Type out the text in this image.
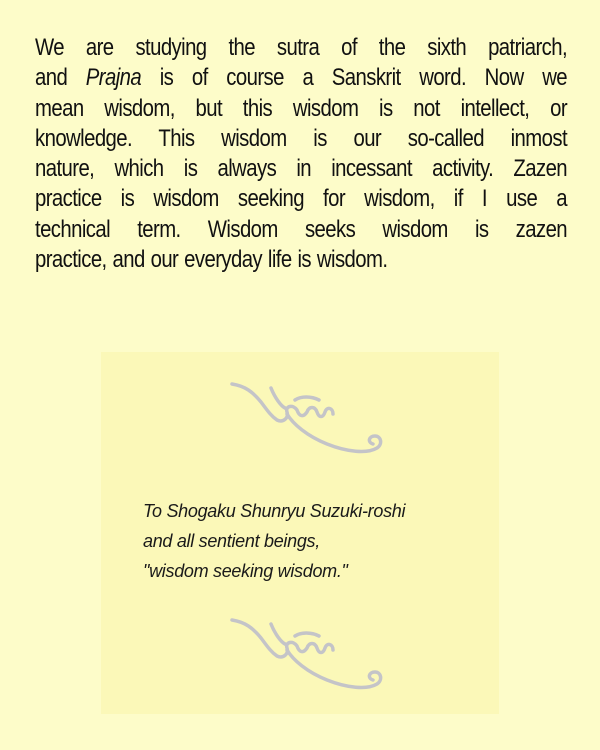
We are studying the sutra of the sixth patriarch,
and Prajna is of course a Sanskrit word. Now we
mean wisdom, but this wisdom is not intellect, or
knowledge. This wisdom is our so-called inmost
nature, which is always in incessant activity. Zazen
practice is wisdom seeking for wisdom, if I use a
technical term. Wisdom seeks wisdom is zazen
practice, and our everyday life is wisdom.
To Shogaku Shunryu Suzuki-roshi
and all sentient beings,
"wisdom seeking wisdom."
